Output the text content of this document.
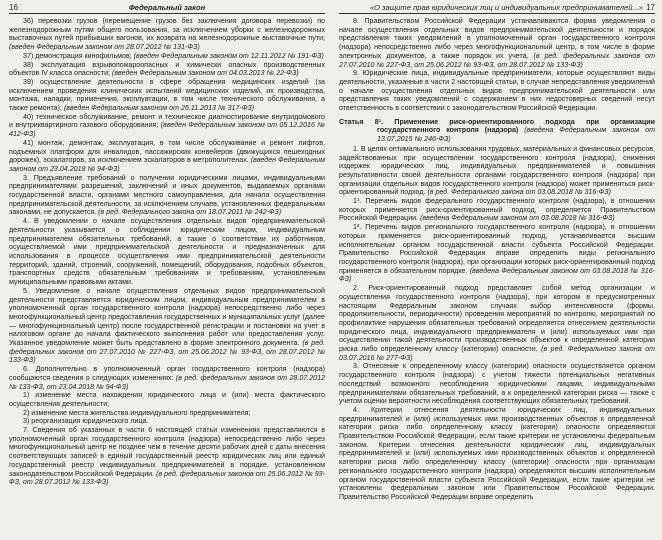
16	Федеральный закон

36) перевозки грузов (перемещение грузов без заключения договора перевозки) по железнодорожным путям общего пользования, за исключением уборки с железнодорожных выставочных путей прибывших вагонов, их возврата на железнодорожные выставочные пути; (введен Федеральным законом от 28.07.2012 № 131-ФЗ)

37) демонстрация кинофильмов; (введен Федеральным законом от 12.11.2012 № 191-ФЗ)

38) эксплуатация взрывопожароопасных и химически опасных производственных объектов IV класса опасности; (введен Федеральным законом от 04.03.2013 № 22-ФЗ)

39) осуществление деятельности в сфере обращения медицинских изделий (за исключением проведения клинических испытаний медицинских изделий, их производства, монтажа, наладки, применения, эксплуатации, в том числе технического обслуживания, а также ремонта); (введен Федеральным законом от 25.11.2013 № 317-ФЗ)

40) техническое обслуживание, ремонт и техническое диагностирование внутридомового и внутриквартирного газового оборудования; (введен Федеральным законом от 05.12.2016 № 412-ФЗ)

41) монтаж, демонтаж, эксплуатация, в том числе обслуживание и ремонт лифтов, подъемных платформ для инвалидов, пассажирских конвейеров (движущихся пешеходных дорожек), эскалаторов, за исключением эскалаторов в метрополитенах. (введен Федеральным законом от 23.04.2018 № 94-ФЗ)

3. Предъявление требований о получении юридическими лицами, индивидуальными предпринимателями разрешений, заключений и иных документов, выдаваемых органами государственной власти, органами местного самоуправления, для начала осуществления предпринимательской деятельности, за исключением случаев, установленных федеральными законами, не допускается. (в ред. Федерального закона от 18.07.2011 № 242-ФЗ)

4. В уведомлении о начале осуществления отдельных видов предпринимательской деятельности указывается о соблюдении юридическим лицом, индивидуальным предпринимателем обязательных требований, а также о соответствии их работников, осуществляемой ими предпринимательской деятельности и предназначенных для использования в процессе осуществления ими предпринимательской деятельности территорий, зданий, строений, сооружений, помещений, оборудования, подобных объектов, транспортных средств обязательным требованиям и требованиям, установленным муниципальными правовыми актами.

5. Уведомление о начале осуществления отдельных видов предпринимательской деятельности представляется юридическим лицом, индивидуальным предпринимателем в уполномоченный орган государственного контроля (надзора) непосредственно либо через многофункциональный центр предоставления государственных и муниципальных услуг (далее — многофункциональный центр) после государственной регистрации и постановки на учет в налоговом органе до начала фактического выполнения работ или предоставления услуг. Указанное уведомление может быть представлено в форме электронного документа. (в ред. федеральных законов от 27.07.2010 № 227-ФЗ, от 25.06.2012 № 93-ФЗ, от 28.07.2012 № 133-ФЗ)

6. Дополнительно в уполномоченный орган государственного контроля (надзора) сообщаются сведения о следующих изменениях: (в ред. федеральных законов от 28.07.2012 № 133-ФЗ, от 23.04.2018 № 94-ФЗ)

1) изменение места нахождения юридического лица и (или) места фактического осуществления деятельности;

2) изменение места жительства индивидуального предпринимателя;

3) реорганизация юридического лица.

7. Сведения об указанных в части 6 настоящей статьи изменениях представляются в уполномоченный орган государственного контроля (надзора) непосредственно либо через многофункциональный центр не позднее чем в течение десяти рабочих дней с даты внесения соответствующих записей в единый государственный реестр юридических лиц или единый государственный реестр индивидуальных предпринимателей в порядке, установленном законодательством Российской Федерации. (в ред. федеральных законов от 25.06.2012 № 93-ФЗ, от 28.07.2012 № 133-ФЗ)

«О защите прав юридических лиц и индивидуальных предпринимателей...» 17

8. Правительством Российской Федерации устанавливаются форма уведомления о начале осуществления отдельных видов предпринимательской деятельности и порядок представления таких уведомлений в уполномоченный орган государственного контроля (надзора) непосредственно либо через многофункциональный центр, в том числе в форме электронных документов, а также порядок их учета. (в ред. федеральных законов от 27.07.2010 № 227-ФЗ, от 25.06.2012 № 93-ФЗ, от 28.07.2012 № 133-ФЗ)

9. Юридические лица, индивидуальные предприниматели, которые осуществляют виды деятельности, указанные в части 2 настоящей статьи, в случае непредставления уведомлений о начале осуществления отдельных видов предпринимательской деятельности или представления таких уведомлений с содержанием в них недостоверных сведений несут ответственность в соответствии с законодательством Российской Федерации.

Статья 8¹. Применение риск-ориентированного подхода при организации государственного контроля (надзора) (введена Федеральным законом от 13.07.2015 № 246-ФЗ)

1. В целях оптимального использования трудовых, материальных и финансовых ресурсов, задействованных при осуществлении государственного контроля (надзора), снижения издержек юридических лиц, индивидуальных предпринимателей и повышения результативности своей деятельности органами государственного контроля (надзора) при организации отдельных видов государственного контроля (надзора) может применяться риск-ориентированный подход. (в ред. Федерального закона от 03.08.2018 № 316-ФЗ)

1¹. Перечень видов федерального государственного контроля (надзора), в отношении которых применяется риск-ориентированный подход, определяется Правительством Российской Федерации. (введена Федеральным законом от 03.08.2018 № 316-ФЗ)

1². Перечень видов регионального государственного контроля (надзора), в отношении которых применяется риск-ориентированный подход, устанавливается высшим исполнительным органом государственной власти субъекта Российской Федерации. Правительство Российской Федерации вправе определить виды регионального государственного контроля (надзора), при организации которых риск-ориентированный подход применяется в обязательном порядке. (введена Федеральным законом от 03.08.2018 № 316-ФЗ)

2. Риск-ориентированный подход представляет собой метод организации и осуществления государственного контроля (надзора), при котором в предусмотренных настоящим Федеральным законом случаях выбор интенсивности (формы, продолжительности, периодичности) проведения мероприятий по контролю, мероприятий по профилактике нарушения обязательных требований определяется отнесением деятельности юридического лица, индивидуального предпринимателя и (или) используемых ими при осуществлении такой деятельности производственных объектов к определенной категории риска либо определенному классу (категории) опасности. (в ред. Федерального закона от 03.07.2016 № 277-ФЗ)

3. Отнесение к определенному классу (категории) опасности осуществляется органом государственного контроля (надзора) с учетом тяжести потенциальных негативных последствий возможного несоблюдения юридическими лицами, индивидуальными предпринимателями обязательных требований, а к определенной категории риска — также с учетом оценки вероятности несоблюдения соответствующих обязательных требований.

4. Критерии отнесения деятельности юридических лиц, индивидуальных предпринимателей и (или) используемых ими производственных объектов к определенной категории риска либо определенному классу (категории) опасности определяются Правительством Российской Федерации, если такие критерии не установлены федеральным законом. Критерии отнесения деятельности юридических лиц, индивидуальных предпринимателей и (или) используемых ими производственных объектов к определенной категории риска либо определенному классу (категории) опасности при организации регионального государственного контроля (надзора) определяются высшим исполнительным органом государственной власти субъекта Российской Федерации, если такие критерии не установлены федеральным законом или Правительством Российской Федерации. Правительство Российской Федерации вправе определить
